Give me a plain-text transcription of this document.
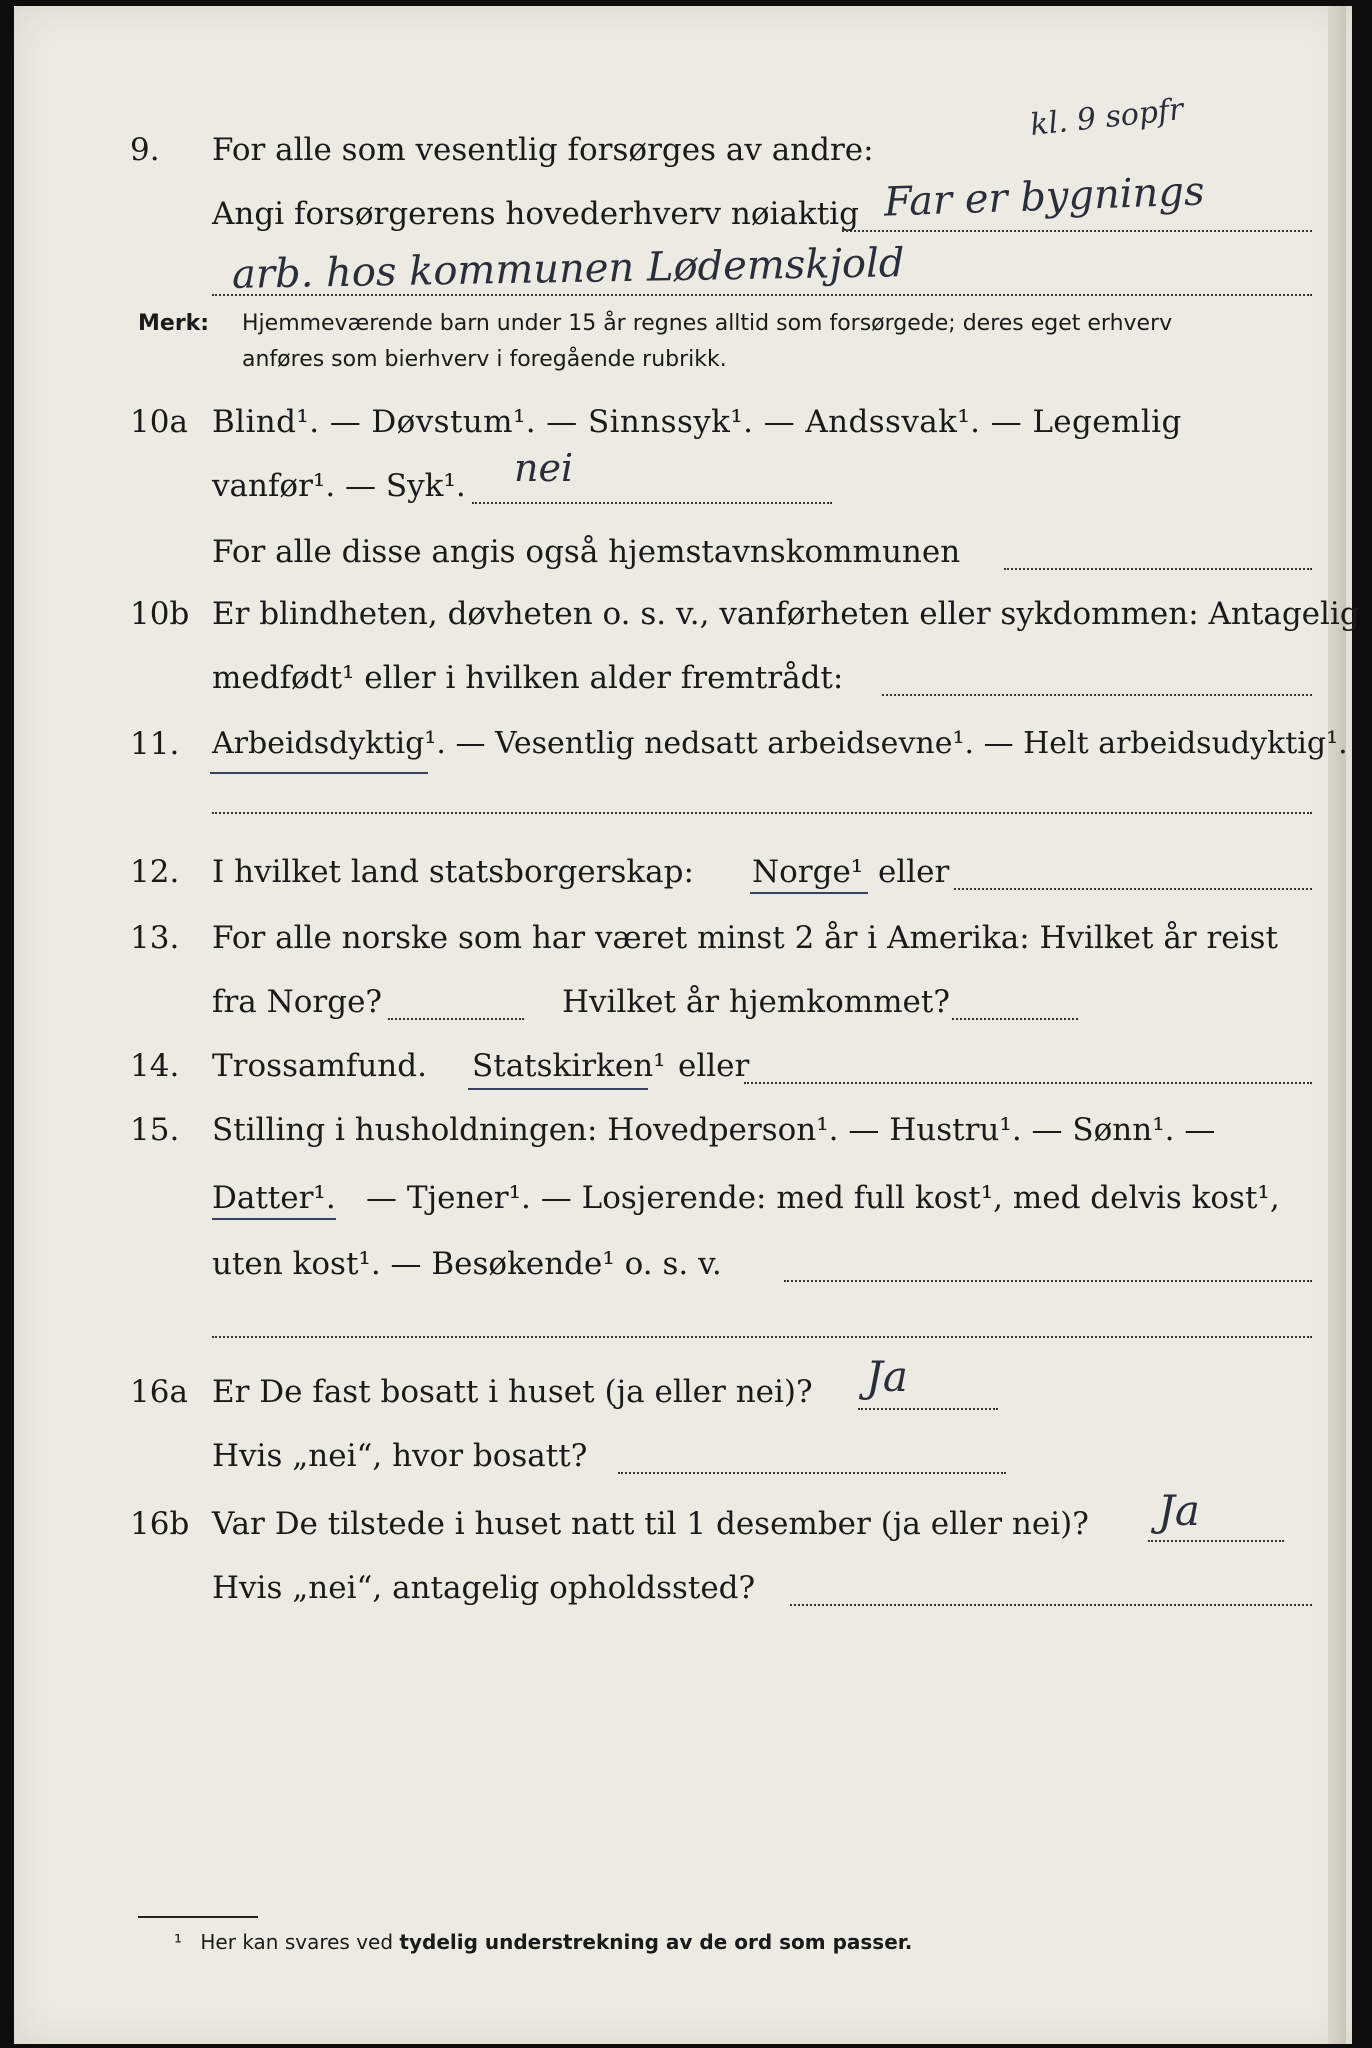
kl. 9 sopfr
9. For alle som vesentlig forsørges av andre:
Angi forsørgerens hovederhverv nøiaktig Far er bygnings
arb. hos kommunen Lødemskjold
Merk: Hjemmeværende barn under 15 år regnes alltid som forsørgede; deres eget erhverv
anføres som bierhverv i foregående rubrikk.
10a Blind¹. — Døvstum¹. — Sinnssyk¹. — Andssvak¹. — Legemlig
vanfør¹. — Syk¹. nei
For alle disse angis også hjemstavnskommunen
10b Er blindheten, døvheten o. s. v., vanførheten eller sykdommen: Antagelig
medfødt¹ eller i hvilken alder fremtrådt:
11. Arbeidsdyktig¹. — Vesentlig nedsatt arbeidsevne¹. — Helt arbeidsudyktig¹.
12. I hvilket land statsborgerskap: Norge¹ eller
13. For alle norske som har været minst 2 år i Amerika: Hvilket år reist
fra Norge?	Hvilket år hjemkommet?
14. Trossamfund. Statskirken¹ eller
15. Stilling i husholdningen: Hovedperson¹. — Hustru¹. — Sønn¹. —
Datter¹. — Tjener¹. — Losjerende: med full kost¹, med delvis kost¹,
uten kost¹. — Besøkende¹ o. s. v.
16a Er De fast bosatt i huset (ja eller nei)? Ja
Hvis „nei“, hvor bosatt?
16b Var De tilstede i huset natt til 1 desember (ja eller nei)? Ja
Hvis „nei“, antagelig opholdssted?
¹ Her kan svares ved tydelig understrekning av de ord som passer.
